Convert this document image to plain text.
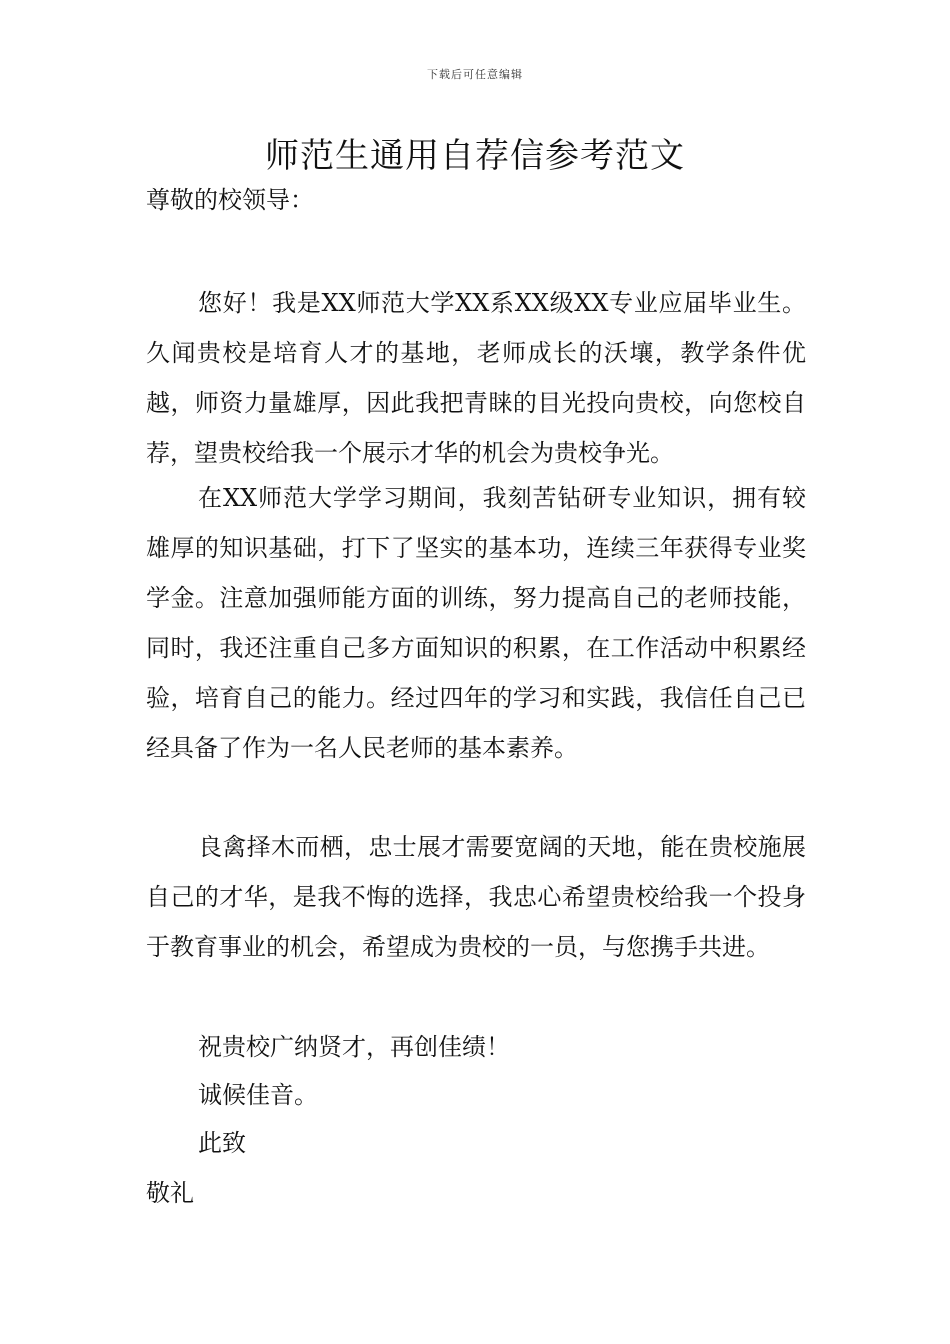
下载后可任意编辑
师范生通用自荐信参考范文
尊敬的校领导：

您好！我是XX师范大学XX系XX级XX专业应届毕业生。久闻贵校是培育人才的基地，老师成长的沃壤，教学条件优越，师资力量雄厚，因此我把青睐的目光投向贵校，向您校自荐，望贵校给我一个展示才华的机会为贵校争光。

在XX师范大学学习期间，我刻苦钻研专业知识，拥有较雄厚的知识基础，打下了坚实的基本功，连续三年获得专业奖学金。注意加强师能方面的训练，努力提高自己的老师技能，同时，我还注重自己多方面知识的积累，在工作活动中积累经验，培育自己的能力。经过四年的学习和实践，我信任自己已经具备了作为一名人民老师的基本素养。

良禽择木而栖，忠士展才需要宽阔的天地，能在贵校施展自己的才华，是我不悔的选择，我忠心希望贵校给我一个投身于教育事业的机会，希望成为贵校的一员，与您携手共进。

祝贵校广纳贤才，再创佳绩！
诚候佳音。
此致
敬礼
